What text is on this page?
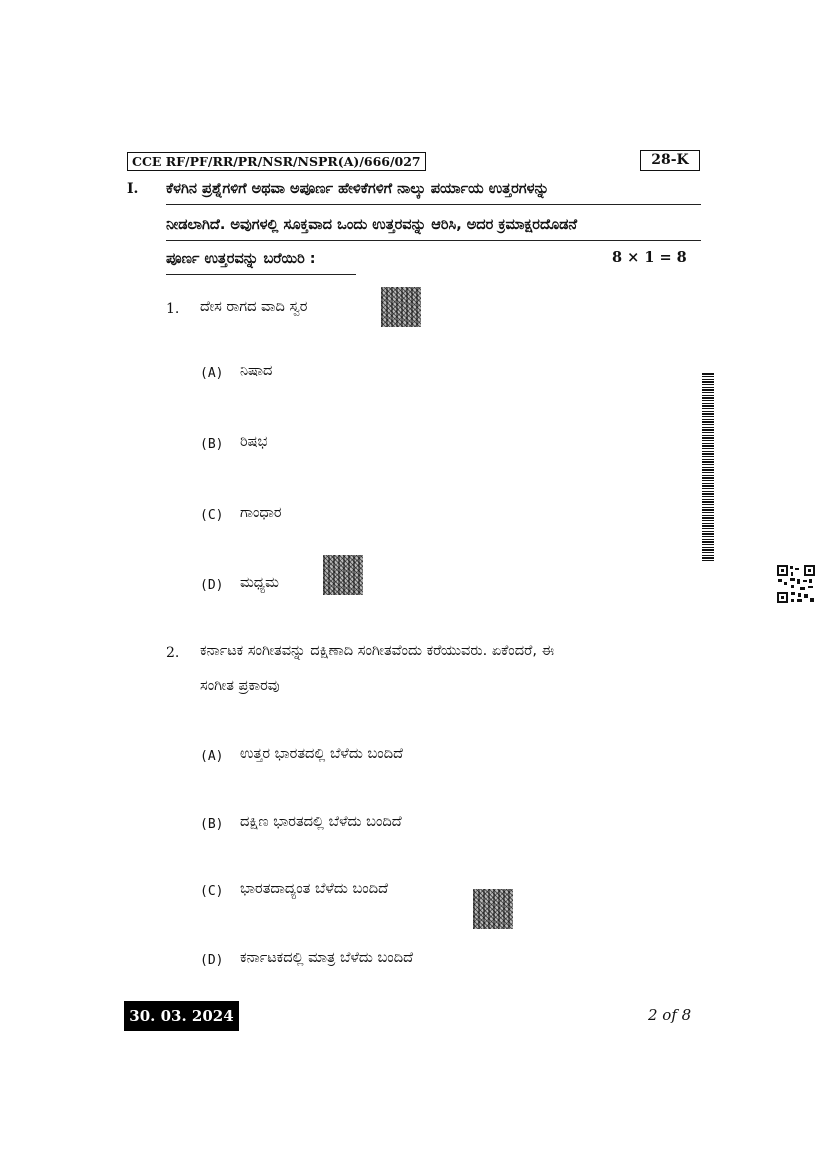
CCE RF/PF/RR/PR/NSR/NSPR(A)/666/027	28-K
I. ಕೆಳಗಿನ ಪ್ರಶ್ನೆಗಳಿಗೆ ಅಥವಾ ಅಪೂರ್ಣ ಹೇಳಿಕೆಗಳಿಗೆ ನಾಲ್ಕು ಪರ್ಯಾಯ ಉತ್ತರಗಳನ್ನು
ನೀಡಲಾಗಿದೆ. ಅವುಗಳಲ್ಲಿ ಸೂಕ್ತವಾದ ಒಂದು ಉತ್ತರವನ್ನು ಆರಿಸಿ, ಅದರ ಕ್ರಮಾಕ್ಷರದೊಡನೆ
ಪೂರ್ಣ ಉತ್ತರವನ್ನು ಬರೆಯಿರಿ :	8 × 1 = 8
1. ದೇಸ ರಾಗದ ವಾದಿ ಸ್ವರ
(A) ನಿಷಾದ
(B) ರಿಷಭ
(C) ಗಾಂಧಾರ
(D) ಮಧ್ಯಮ
2. ಕರ್ನಾಟಕ ಸಂಗೀತವನ್ನು ದಕ್ಷಿಣಾದಿ ಸಂಗೀತವೆಂದು ಕರೆಯುವರು. ಏಕೆಂದರೆ, ಈ
ಸಂಗೀತ ಪ್ರಕಾರವು
(A) ಉತ್ತರ ಭಾರತದಲ್ಲಿ ಬೆಳೆದು ಬಂದಿದೆ
(B) ದಕ್ಷಿಣ ಭಾರತದಲ್ಲಿ ಬೆಳೆದು ಬಂದಿದೆ
(C) ಭಾರತದಾದ್ಯಂತ ಬೆಳೆದು ಬಂದಿದೆ
(D) ಕರ್ನಾಟಕದಲ್ಲಿ ಮಾತ್ರ ಬೆಳೆದು ಬಂದಿದೆ
30. 03. 2024	2 of 8
